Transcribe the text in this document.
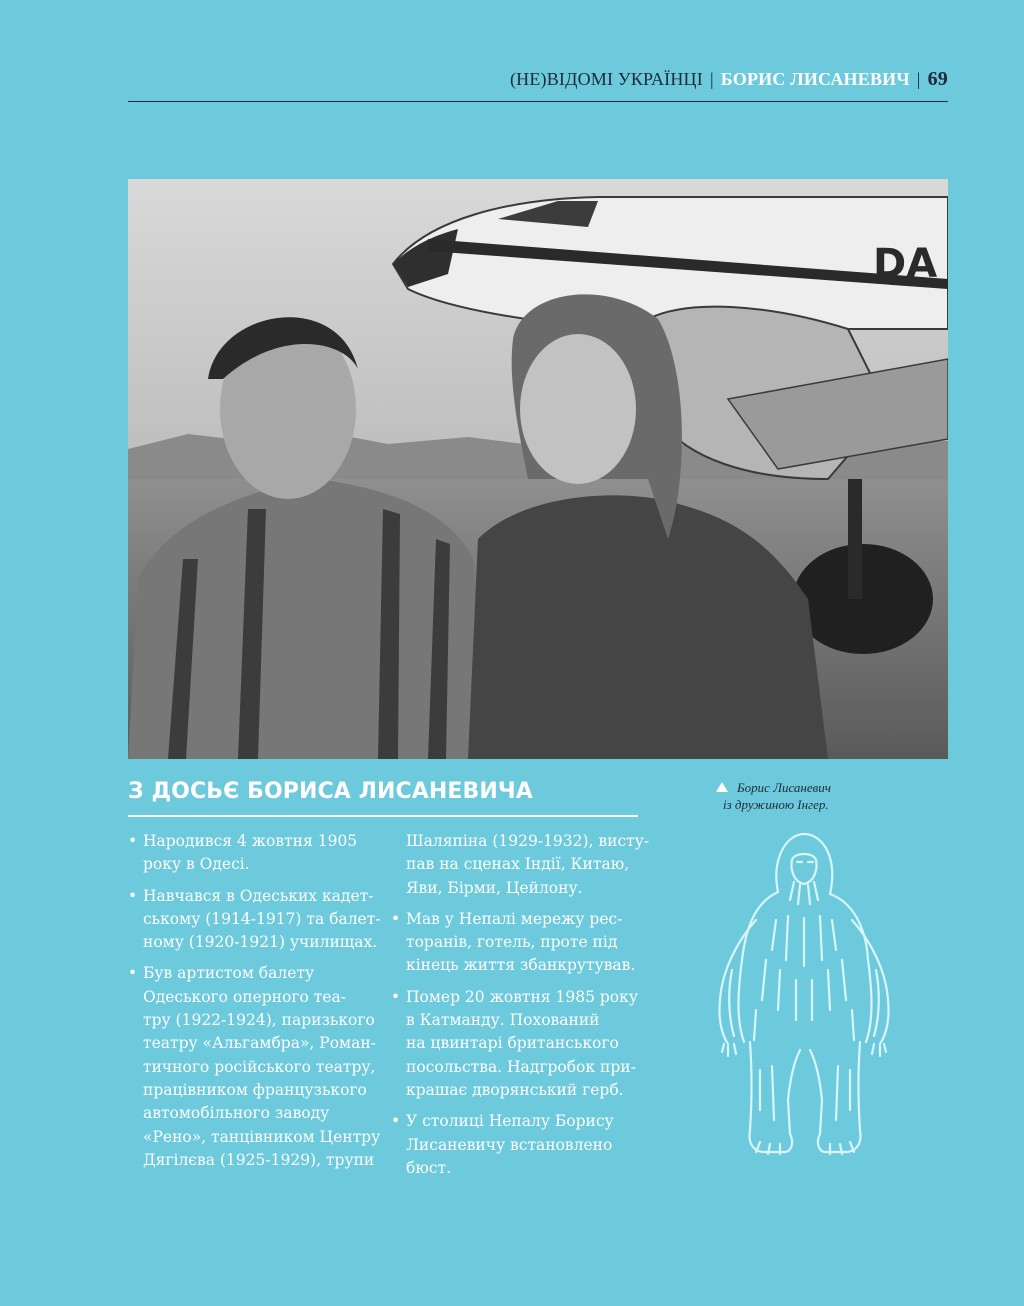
(НЕ)ВІДОМІ УКРАЇНЦІ | БОРИС ЛИСАНЕВИЧ | 69
DA
З ДОСЬЄ БОРИСА ЛИСАНЕВИЧА
• Народився 4 жовтня 1905
року в Одесі.
• Навчався в Одеських кадет-
ському (1914-1917) та балет-
ному (1920-1921) училищах.
• Був артистом балету
Одеського оперного теа-
тру (1922-1924), паризького
театру «Альгамбра», Роман-
тичного російського театру,
працівником французького
автомобільного заводу
«Рено», танцівником Центру
Дягілєва (1925-1929), трупи
Шаляпіна (1929-1932), висту-
пав на сценах Індії, Китаю,
Яви, Бірми, Цейлону.
• Мав у Непалі мережу рес-
торанів, готель, проте під
кінець життя збанкрутував.
• Помер 20 жовтня 1985 року
в Катманду. Похований
на цвинтарі британського
посольства. Надгробок при-
крашає дворянський герб.
• У столиці Непалу Борису
Лисаневичу встановлено
бюст.
Борис Лисаневич
із дружиною Інгер.
